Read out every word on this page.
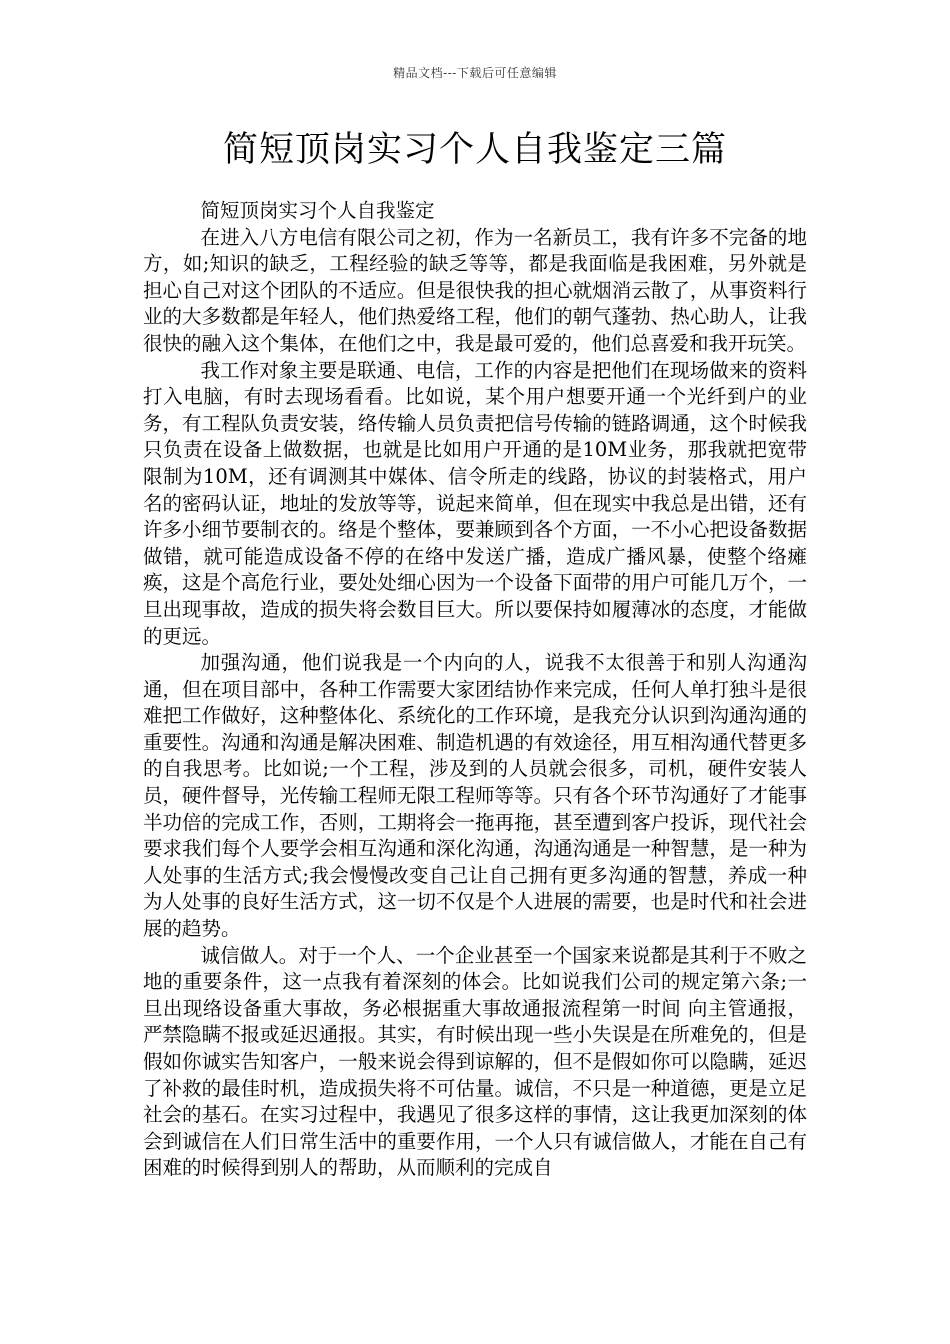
精品文档---下载后可任意编辑
简短顶岗实习个人自我鉴定三篇

简短顶岗实习个人自我鉴定

在进入八方电信有限公司之初，作为一名新员工，我有许多不完备的地方，如;知识的缺乏，工程经验的缺乏等等，都是我面临是我困难，另外就是担心自己对这个团队的不适应。但是很快我的担心就烟消云散了，从事资料行业的大多数都是年轻人，他们热爱络工程，他们的朝气蓬勃、热心助人，让我很快的融入这个集体，在他们之中，我是最可爱的，他们总喜爱和我开玩笑。

我工作对象主要是联通、电信，工作的内容是把他们在现场做来的资料打入电脑，有时去现场看看。比如说，某个用户想要开通一个光纤到户的业务，有工程队负责安装，络传输人员负责把信号传输的链路调通，这个时候我只负责在设备上做数据，也就是比如用户开通的是10M业务，那我就把宽带限制为10M，还有调测其中媒体、信令所走的线路，协议的封装格式，用户名的密码认证，地址的发放等等，说起来简单，但在现实中我总是出错，还有许多小细节要制衣的。络是个整体，要兼顾到各个方面，一不小心把设备数据做错，就可能造成设备不停的在络中发送广播，造成广播风暴，使整个络瘫痪，这是个高危行业，要处处细心因为一个设备下面带的用户可能几万个，一旦出现事故，造成的损失将会数目巨大。所以要保持如履薄冰的态度，才能做的更远。

加强沟通，他们说我是一个内向的人，说我不太很善于和别人沟通沟通，但在项目部中，各种工作需要大家团结协作来完成，任何人单打独斗是很难把工作做好，这种整体化、系统化的工作环境，是我充分认识到沟通沟通的重要性。沟通和沟通是解决困难、制造机遇的有效途径，用互相沟通代替更多的自我思考。比如说;一个工程，涉及到的人员就会很多，司机，硬件安装人员，硬件督导，光传输工程师无限工程师等等。只有各个环节沟通好了才能事半功倍的完成工作，否则，工期将会一拖再拖，甚至遭到客户投诉，现代社会要求我们每个人要学会相互沟通和深化沟通，沟通沟通是一种智慧，是一种为人处事的生活方式;我会慢慢改变自己让自己拥有更多沟通的智慧，养成一种为人处事的良好生活方式，这一切不仅是个人进展的需要，也是时代和社会进展的趋势。

诚信做人。对于一个人、一个企业甚至一个国家来说都是其利于不败之地的重要条件，这一点我有着深刻的体会。比如说我们公司的规定第六条;一旦出现络设备重大事故，务必根据重大事故通报流程第一时间 向主管通报，严禁隐瞒不报或延迟通报。其实，有时候出现一些小失误是在所难免的，但是假如你诚实告知客户，一般来说会得到谅解的，但不是假如你可以隐瞒，延迟了补救的最佳时机，造成损失将不可估量。诚信，不只是一种道德，更是立足社会的基石。在实习过程中，我遇见了很多这样的事情，这让我更加深刻的体会到诚信在人们日常生活中的重要作用，一个人只有诚信做人，才能在自己有困难的时候得到别人的帮助，从而顺利的完成自
